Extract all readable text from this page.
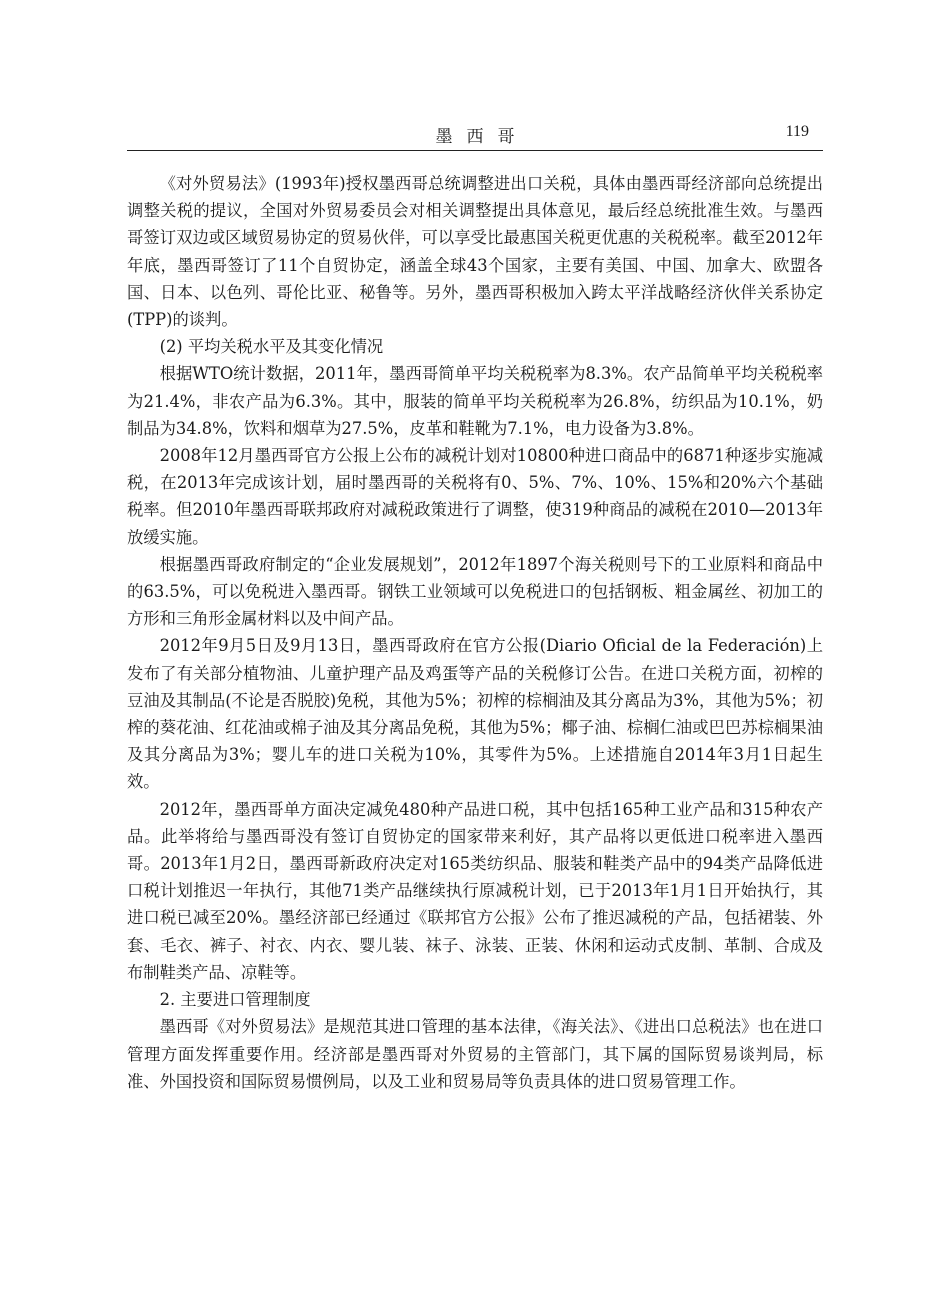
墨西哥	119

《对外贸易法》(1993年)授权墨西哥总统调整进出口关税，具体由墨西哥经济部向总统提出调整关税的提议，全国对外贸易委员会对相关调整提出具体意见，最后经总统批准生效。与墨西哥签订双边或区域贸易协定的贸易伙伴，可以享受比最惠国关税更优惠的关税税率。截至2012年年底，墨西哥签订了11个自贸协定，涵盖全球43个国家，主要有美国、中国、加拿大、欧盟各国、日本、以色列、哥伦比亚、秘鲁等。另外，墨西哥积极加入跨太平洋战略经济伙伴关系协定(TPP)的谈判。

(2) 平均关税水平及其变化情况

根据WTO统计数据，2011年，墨西哥简单平均关税税率为8.3%。农产品简单平均关税税率为21.4%，非农产品为6.3%。其中，服装的简单平均关税税率为26.8%，纺织品为10.1%，奶制品为34.8%，饮料和烟草为27.5%，皮革和鞋靴为7.1%，电力设备为3.8%。

2008年12月墨西哥官方公报上公布的减税计划对10800种进口商品中的6871种逐步实施减税，在2013年完成该计划，届时墨西哥的关税将有0、5%、7%、10%、15%和20%六个基础税率。但2010年墨西哥联邦政府对减税政策进行了调整，使319种商品的减税在2010—2013年放缓实施。

根据墨西哥政府制定的“企业发展规划”，2012年1897个海关税则号下的工业原料和商品中的63.5%，可以免税进入墨西哥。钢铁工业领域可以免税进口的包括钢板、粗金属丝、初加工的方形和三角形金属材料以及中间产品。

2012年9月5日及9月13日，墨西哥政府在官方公报(Diario Oficial de la Federación)上发布了有关部分植物油、儿童护理产品及鸡蛋等产品的关税修订公告。在进口关税方面，初榨的豆油及其制品(不论是否脱胶)免税，其他为5%；初榨的棕榈油及其分离品为3%，其他为5%；初榨的葵花油、红花油或棉子油及其分离品免税，其他为5%；椰子油、棕榈仁油或巴巴苏棕榈果油及其分离品为3%；婴儿车的进口关税为10%，其零件为5%。上述措施自2014年3月1日起生效。

2012年，墨西哥单方面决定减免480种产品进口税，其中包括165种工业产品和315种农产品。此举将给与墨西哥没有签订自贸协定的国家带来利好，其产品将以更低进口税率进入墨西哥。2013年1月2日，墨西哥新政府决定对165类纺织品、服装和鞋类产品中的94类产品降低进口税计划推迟一年执行，其他71类产品继续执行原减税计划，已于2013年1月1日开始执行，其进口税已减至20%。墨经济部已经通过《联邦官方公报》公布了推迟减税的产品，包括裙装、外套、毛衣、裤子、衬衣、内衣、婴儿装、袜子、泳装、正装、休闲和运动式皮制、革制、合成及布制鞋类产品、凉鞋等。

2. 主要进口管理制度

墨西哥《对外贸易法》是规范其进口管理的基本法律，《海关法》、《进出口总税法》也在进口管理方面发挥重要作用。经济部是墨西哥对外贸易的主管部门，其下属的国际贸易谈判局，标准、外国投资和国际贸易惯例局，以及工业和贸易局等负责具体的进口贸易管理工作。
